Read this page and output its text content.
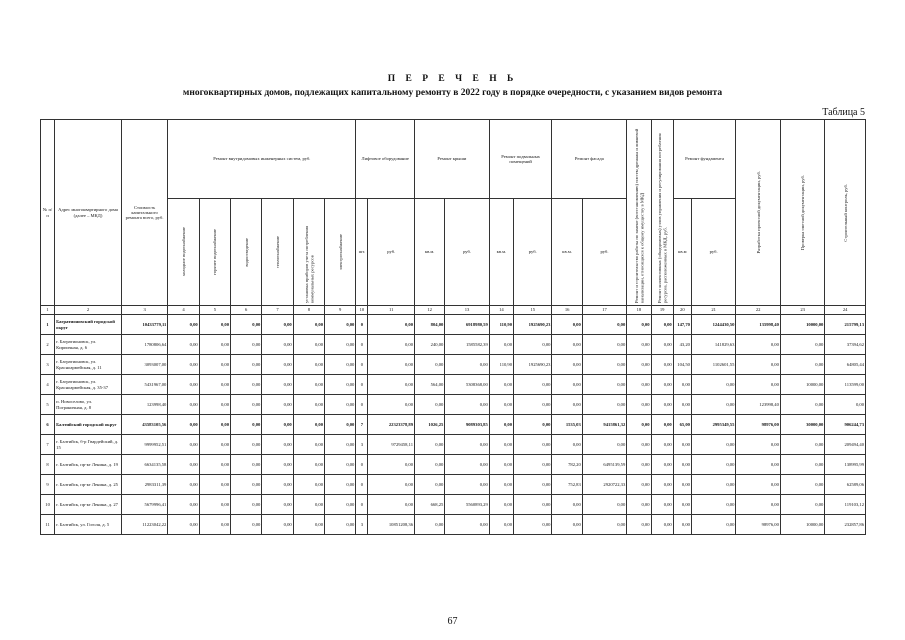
П Е Р Е Ч Е Н Ь
многоквартирных домов, подлежащих капитальному ремонту в 2022 году в порядке очередности, с указанием видов ремонта
Таблица 5
№ п/п	Адрес многоквартирного дома (далее – МКД)	Стоимость капитального ремонта всего, руб.	Ремонт внутридомовых инженерных систем, руб.						Лифтовое оборудование		Ремонт крыши		Ремонт подвальных помещений		Ремонт фасада		Ремонт и строительство работы по замене (восстановлению) систем дренажа и ливневой канализации, относящихся к общему имуществу в МКД	Ремонт коллективных (общедомовых) узлов управления и регулирования потребления ресурсов, расположенных в МКД, руб.	Ремонт фундамента		Разработка проектной документации, руб.	Проверка сметной документации, руб.	Строительный контроль, руб.

			холодное водоснабжение	горячее водоснабжение	водоотведение	теплоснабжение	установка приборов учета потребления коммунальных ресурсов	электроснабжение	шт.	руб.	кв.м.	руб.	кв.м.	руб.	кв.м.	руб.			кв.м	руб.			
1	2	3	4	5	6	7	8	9	10	11	12	13	14	15	16	17	18	19	20	21	22	23	24
1	Багратионовский городской округ	10433779,11	0,00	0,00	0,00	0,00	0,00	0,00	0	0,00	804,00	6918980,59	110,90	1925690,23	0,00	0,00	0,00	0,00	147,70	1244430,50	135998,40	10000,00	215799,13
2	г. Багратионовск, ул. Кирпичная, д. 6	1780806,64	0,00	0,00	0,00	0,00	0,00	0,00	0	0,00	240,00	1585582,39	0,00	0,00	0,00	0,00	0,00	0,00	43,20	141829,63	0,00	0,00	37394,62
3	г. Багратионовск, ул. Красноармейская, д. 11	3093007,00	0,00	0,00	0,00	0,00	0,00	0,00	0	0,00	0,00	0,00	110,90	1925690,23	0,00	0,00	0,00	0,00	104,50	1102601,55	0,00	0,00	64805,44
4	г. Багратионовск, ул. Красноармейская, д. 35-37	5431967,00	0,00	0,00	0,00	0,00	0,00	0,00	0	0,00	564,00	5308368,00	0,00	0,00	0,00	0,00	0,00	0,00	0,00	0,00	0,00	10000,00	113599,00
5	п. Новоселово, ул. Пограничная, д. 8	123998,40	0,00	0,00	0,00	0,00	0,00	0,00	0	0,00	0,00	0,00	0,00	0,00	0,00	0,00	0,00	0,00	0,00	0,00	123998,40	0,00	0,00
6	Балтийский городской округ	43583105,56	0,00	0,00	0,00	0,00	0,00	0,00	7	22323378,89	1026,25	9089303,85	0,00	0,00	1535,03	9415861,32	0,00	0,00	65,00	2995349,55	98976,00	30000,00	906244,73
7	г. Балтийск, б-р Гвардейский, д. 15	9999952,51	0,00	0,00	0,00	0,00	0,00	0,00	3	9729458,11	0,00	0,00	0,00	0,00	0,00	0,00	0,00	0,00	0,00	0,00	0,00	0,00	209494,40
8	г. Балтийск, пр-кт Ленина, д. 19	6634135,58	0,00	0,00	0,00	0,00	0,00	0,00	0	0,00	0,00	0,00	0,00	0,00	782,20	6495139,59	0,00	0,00	0,00	0,00	0,00	0,00	138995,99
9	г. Балтийск, пр-кт Ленина, д. 25	2983311,39	0,00	0,00	0,00	0,00	0,00	0,00	0	0,00	0,00	0,00	0,00	0,00	752,83	2920722,33	0,00	0,00	0,00	0,00	0,00	0,00	62589,06
10	г. Балтийск, пр-кт Ленина, д. 27	5679996,41	0,00	0,00	0,00	0,00	0,00	0,00	0	0,00	668,25	5560893,29	0,00	0,00	0,00	0,00	0,00	0,00	0,00	0,00	0,00	0,00	119103,12
11	г. Балтийск, ул. Гоголя, д. 5	11223042,22	0,00	0,00	0,00	0,00	0,00	0,00	3	10851208,36	0,00	0,00	0,00	0,00	0,00	0,00	0,00	0,00	0,00	0,00	98976,00	10000,00	232857,86
67
